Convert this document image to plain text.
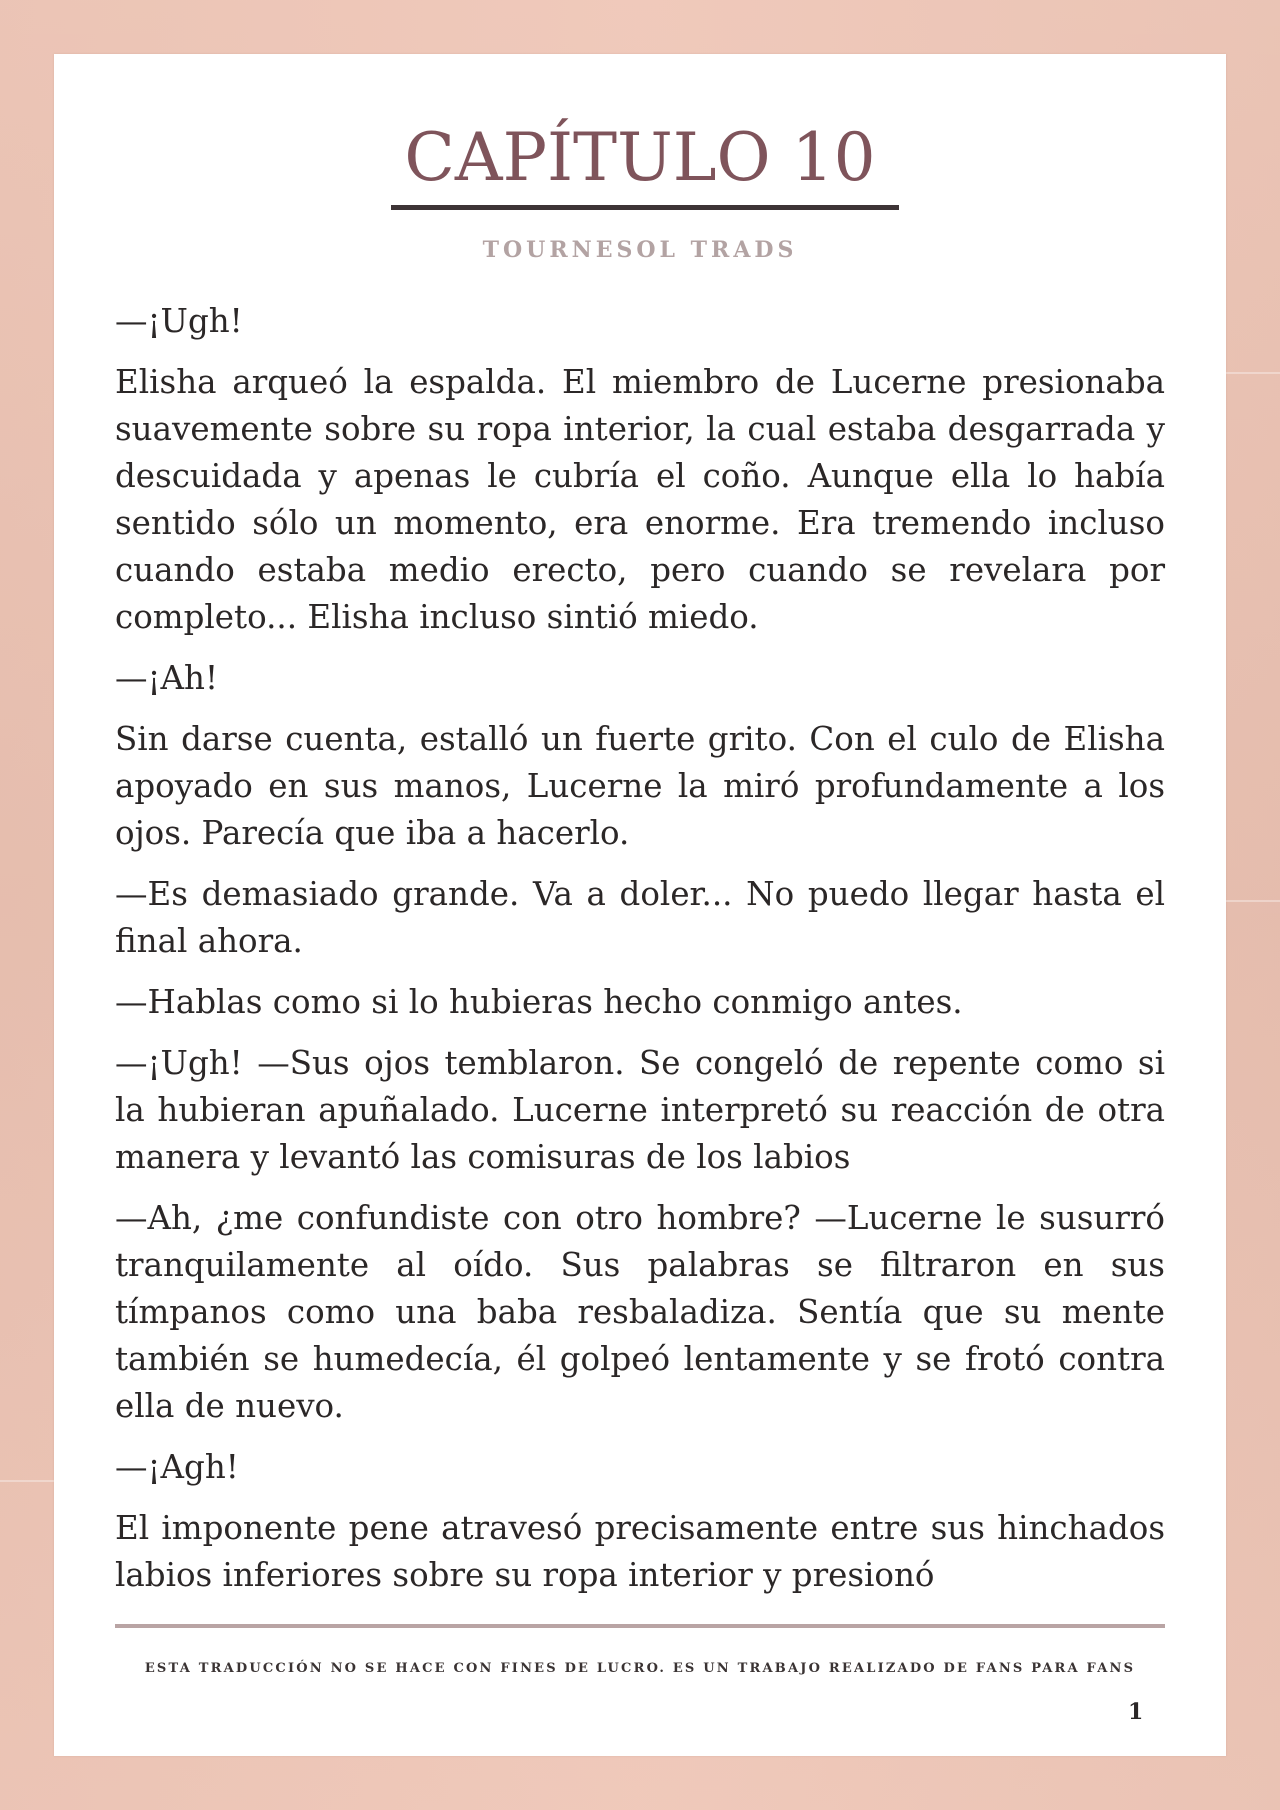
CAPÍTULO 10
TOURNESOL TRADS

—¡Ugh!

Elisha arqueó la espalda. El miembro de Lucerne presionaba suavemente sobre su ropa interior, la cual estaba desgarrada y descuidada y apenas le cubría el coño. Aunque ella lo había sentido sólo un momento, era enorme. Era tremendo incluso cuando estaba medio erecto, pero cuando se revelara por completo... Elisha incluso sintió miedo.

—¡Ah!

Sin darse cuenta, estalló un fuerte grito. Con el culo de Elisha apoyado en sus manos, Lucerne la miró profundamente a los ojos. Parecía que iba a hacerlo.

—Es demasiado grande. Va a doler... No puedo llegar hasta el final ahora.

—Hablas como si lo hubieras hecho conmigo antes.

—¡Ugh! —Sus ojos temblaron. Se congeló de repente como si la hubieran apuñalado. Lucerne interpretó su reacción de otra manera y levantó las comisuras de los labios

—Ah, ¿me confundiste con otro hombre? —Lucerne le susurró tranquilamente al oído. Sus palabras se filtraron en sus tímpanos como una baba resbaladiza. Sentía que su mente también se humedecía, él golpeó lentamente y se frotó contra ella de nuevo.

—¡Agh!

El imponente pene atravesó precisamente entre sus hinchados labios inferiores sobre su ropa interior y presionó

ESTA TRADUCCIÓN NO SE HACE CON FINES DE LUCRO. ES UN TRABAJO REALIZADO DE FANS PARA FANS
1
